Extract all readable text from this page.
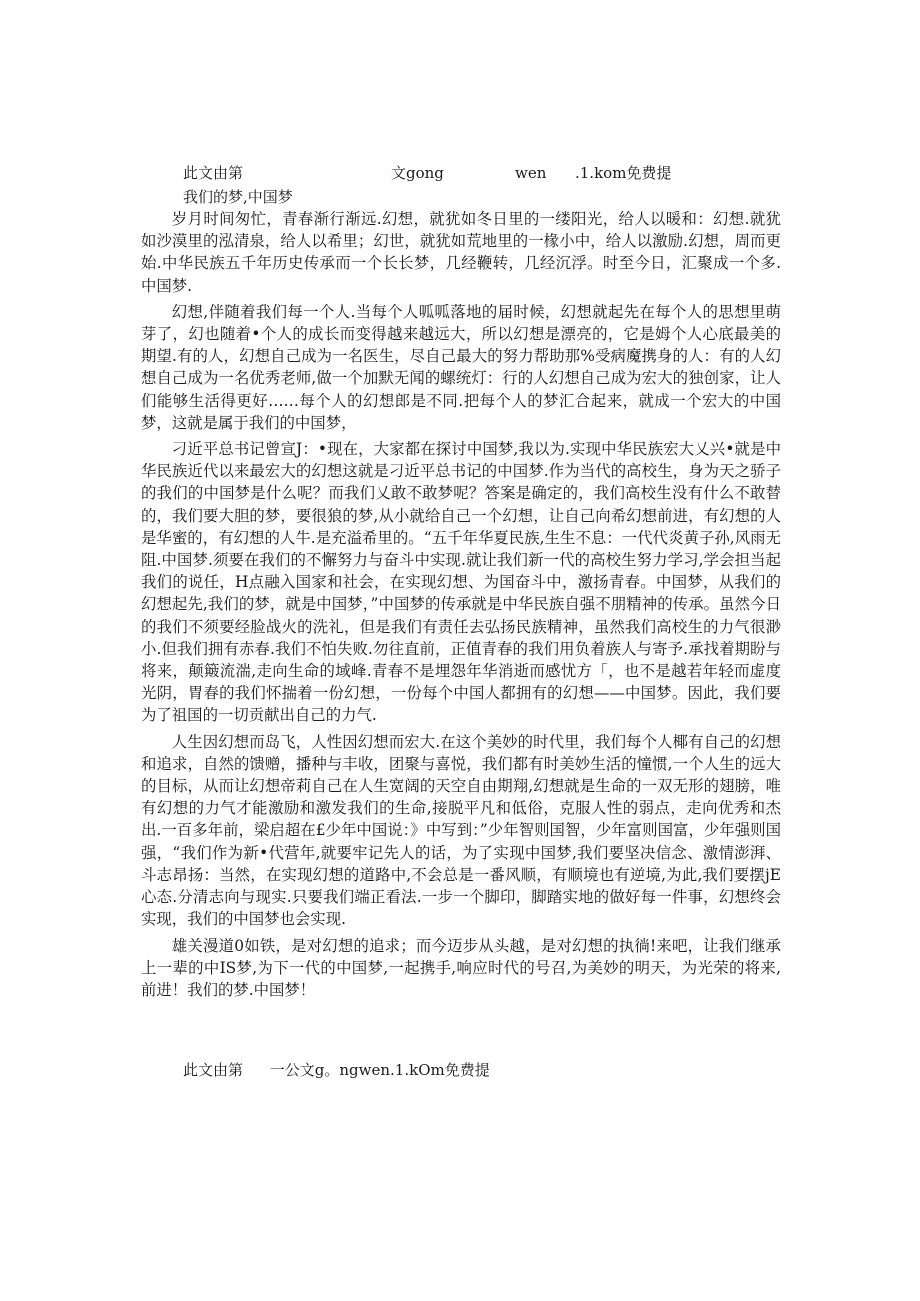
此文由第	文gong	wen .1.kom免费提
我们的梦,中国梦

岁月时间匆忙，青春渐行渐远.幻想，就犹如冬日里的一缕阳光，给人以暖和：幻想.就犹如沙漠里的泓清泉，给人以希里；幻世，就犹如荒地里的一椽小中，给人以激励.幻想，周而更始.中华民族五千年历史传承而一个长长梦，几经鞭转，几经沉浮。时至今日，汇聚成一个多.中国梦.

幻想,伴随着我们每一个人.当每个人呱呱落地的届时候，幻想就起先在每个人的思想里萌芽了，幻也随着•个人的成长而变得越来越远大，所以幻想是漂亮的，它是姆个人心底最美的期望.有的人，幻想自己成为一名医生，尽自己最大的努力帮助那%受病魔携身的人：有的人幻想自己成为一名优秀老师,做一个加默无闻的螺统灯：行的人幻想自己成为宏大的独创家，让人们能够生活得更好……每个人的幻想郎是不同.把每个人的梦汇合起来，就成一个宏大的中国梦，这就是属于我们的中国梦，

刁近平总书记曾宣J：•现在，大家都在探讨中国梦,我以为.实现中华民族宏大乂兴•就是中华民族近代以来最宏大的幻想这就是刁近平总书记的中国梦.作为当代的高校生，身为天之骄子的我们的中国梦是什么呢？而我们乂敢不敢梦呢？答案是确定的，我们高校生没有什么不敢替的，我们要大胆的梦，要很狼的梦,从小就给自己一个幻想，让自己向希幻想前进，有幻想的人是华蜜的，有幻想的人牛.是充溢希里的。“五千年华夏民族,生生不息：一代代炎黄子孙,风雨无阻.中国梦.须要在我们的不懈努力与奋斗中实现.就让我们新一代的高校生努力学习,学会担当起我们的说任，H点融入国家和社会，在实现幻想、为国奋斗中，激扬青春。中国梦，从我们的幻想起先,我们的梦，就是中国梦，”中国梦的传承就是中华民族自强不朋精神的传承。虽然今日的我们不须要经脸战火的洗礼，但是我们有责任去弘扬民族精神，虽然我们高校生的力气很渺小.但我们拥有赤春.我们不怕失败.勿往直前，正值青春的我们用负着族人与寄予.承找着期盼与将来，颠簸流湍,走向生命的域峰.青春不是埋怨年华消逝而感忧方「，也不是越若年轻而虚度光阴，胃春的我们怀揣着一份幻想，一份每个中国人都拥有的幻想——中国梦。因此，我们要为了祖国的一切贡献出自己的力气.

人生因幻想而岛飞，人性因幻想而宏大.在这个美妙的时代里，我们每个人椰有自己的幻想和追求，自然的馈赠，播种与丰收，团聚与喜悦，我们都有时美妙生活的憧惯,一个人生的远大的目标，从而让幻想帝莉自己在人生宽阔的天空自由期翔,幻想就是生命的一双无形的翅膀，唯有幻想的力气才能激励和激发我们的生命,接脱平凡和低俗，克服人性的弱点，走向优秀和杰出.一百多年前，梁启超在£少年中国说：》中写到：”少年智则国智，少年富则国富，少年强则国强，“我们作为新•代营年,就要牢记先人的话，为了实现中国梦,我们要坚决信念、激情澎湃、斗志昂扬：当然，在实现幻想的道路中,不会总是一番风顺，有顺境也有逆境,为此,我们要摆jE心态.分清志向与现实.只要我们端正看法.一步一个脚印，脚踏实地的做好每一件事，幻想终会实现，我们的中国梦也会实现.

雄关漫道0如铁，是对幻想的追求；而今迈步从头越，是对幻想的执徜!来吧，让我们继承上一辈的中IS梦,为下一代的中国梦,一起携手,响应时代的号召,为美妙的明天，为光荣的将来,前进！我们的梦.中国梦！

此文由第 一公文g。ngwen.1.kOm免费提
